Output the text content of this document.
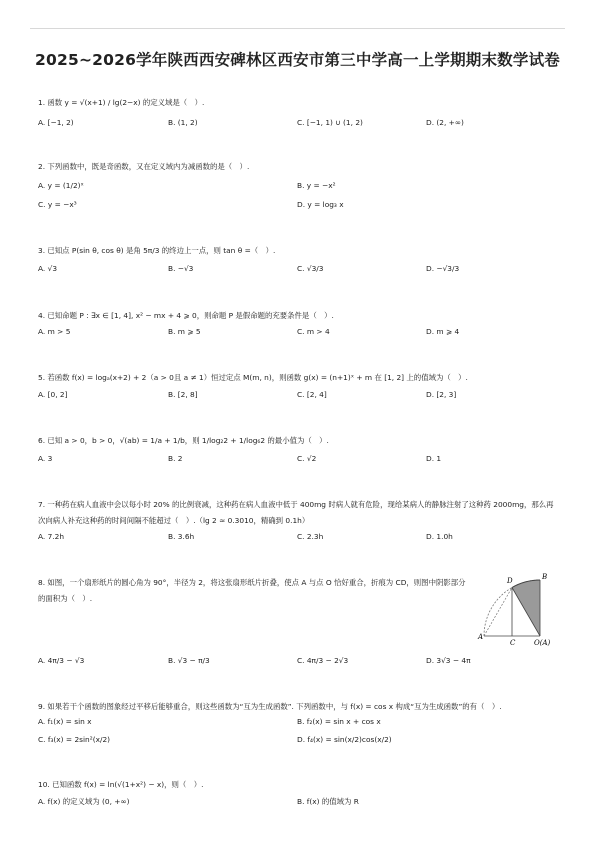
2025~2026学年陕西西安碑林区西安市第三中学高一上学期期末数学试卷
1. 函数 y = √(x+1) / lg(2−x) 的定义域是（　）.
A. [−1, 2)	B. (1, 2)	C. [−1, 1) ∪ (1, 2)	D. (2, +∞)
2. 下列函数中，既是奇函数，又在定义域内为减函数的是（　）.
A. y = (1/2)ˣ	B. y = −x²
C. y = −x³	D. y = log₃ x
3. 已知点 P(sin θ, cos θ) 是角 5π/3 的终边上一点，则 tan θ =（　）.
A. √3	B. −√3	C. √3/3	D. −√3/3
4. 已知命题 P : ∃x ∈ [1, 4], x² − mx + 4 ⩾ 0，则命题 P 是假命题的充要条件是（　）.
A. m > 5	B. m ⩾ 5	C. m > 4	D. m ⩾ 4
5. 若函数 f(x) = logₐ(x+2) + 2（a > 0且 a ≠ 1）恒过定点 M(m, n)，则函数 g(x) = (n+1)ˣ + m 在 [1, 2] 上的值域为（　）.
A. [0, 2]	B. [2, 8]	C. [2, 4]	D. [2, 3]
6. 已知 a > 0，b > 0，√(ab) = 1/a + 1/b，则 1/log₂2 + 1/log₆2 的最小值为（　）.
A. 3	B. 2	C. √2	D. 1
7. 一种药在病人血液中会以每小时 20% 的比例衰减，这种药在病人血液中低于 400mg 时病人就有危险，现给某病人的静脉注射了这种药 2000mg，那么再次向病人补充这种药的时间间隔不能超过（　）.（lg 2 ≈ 0.3010，精确到 0.1h）
A. 7.2h	B. 3.6h	C. 2.3h	D. 1.0h
8. 如图，一个扇形纸片的圆心角为 90°，半径为 2，将这张扇形纸片折叠，使点 A 与点 O 恰好重合，折痕为 CD，则图中阴影部分的面积为（　）.
D	B
A
C	O(A)
A. 4π/3 − √3	B. √3 − π/3	C. 4π/3 − 2√3	D. 3√3 − 4π
9. 如果若干个函数的图象经过平移后能够重合，则这些函数为“互为生成函数”. 下列函数中，与 f(x) = cos x 构成“互为生成函数”的有（　）.
A. f₁(x) = sin x	B. f₂(x) = sin x + cos x
C. f₃(x) = 2sin²(x/2)	D. f₄(x) = sin(x/2)cos(x/2)
10. 已知函数 f(x) = ln(√(1+x²) − x)，则（　）.
A. f(x) 的定义域为 (0, +∞)	B. f(x) 的值域为 R
